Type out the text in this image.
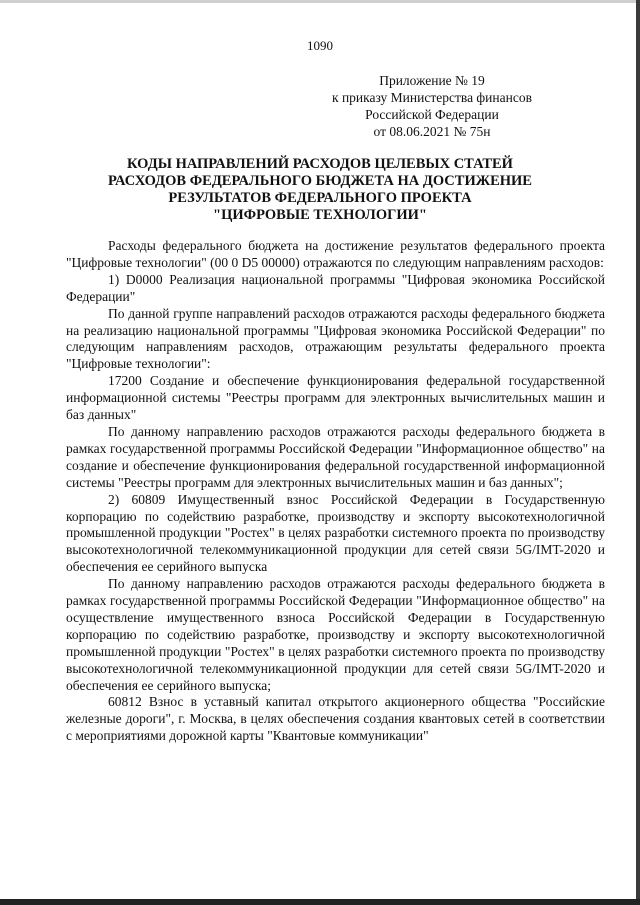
1090
Приложение № 19
к приказу Министерства финансов
Российской Федерации
от 08.06.2021 № 75н
КОДЫ НАПРАВЛЕНИЙ РАСХОДОВ ЦЕЛЕВЫХ СТАТЕЙ
РАСХОДОВ ФЕДЕРАЛЬНОГО БЮДЖЕТА НА ДОСТИЖЕНИЕ
РЕЗУЛЬТАТОВ ФЕДЕРАЛЬНОГО ПРОЕКТА
"ЦИФРОВЫЕ ТЕХНОЛОГИИ"

Расходы федерального бюджета на достижение результатов федерального проекта "Цифровые технологии" (00 0 D5 00000) отражаются по следующим направлениям расходов:

1) D0000 Реализация национальной программы "Цифровая экономика Российской Федерации"

По данной группе направлений расходов отражаются расходы федерального бюджета на реализацию национальной программы "Цифровая экономика Российской Федерации" по следующим направлениям расходов, отражающим результаты федерального проекта "Цифровые технологии":

17200 Создание и обеспечение функционирования федеральной государственной информационной системы "Реестры программ для электронных вычислительных машин и баз данных"

По данному направлению расходов отражаются расходы федерального бюджета в рамках государственной программы Российской Федерации "Информационное общество" на создание и обеспечение функционирования федеральной государственной информационной системы "Реестры программ для электронных вычислительных машин и баз данных";

2) 60809 Имущественный взнос Российской Федерации в Государственную корпорацию по содействию разработке, производству и экспорту высокотехнологичной промышленной продукции "Ростех" в целях разработки системного проекта по производству высокотехнологичной телекоммуникационной продукции для сетей связи 5G/IMT-2020 и обеспечения ее серийного выпуска

По данному направлению расходов отражаются расходы федерального бюджета в рамках государственной программы Российской Федерации "Информационное общество" на осуществление имущественного взноса Российской Федерации в Государственную корпорацию по содействию разработке, производству и экспорту высокотехнологичной промышленной продукции "Ростех" в целях разработки системного проекта по производству высокотехнологичной телекоммуникационной продукции для сетей связи 5G/IMT-2020 и обеспечения ее серийного выпуска;

60812 Взнос в уставный капитал открытого акционерного общества "Российские железные дороги", г. Москва, в целях обеспечения создания квантовых сетей в соответствии с мероприятиями дорожной карты "Квантовые коммуникации"
